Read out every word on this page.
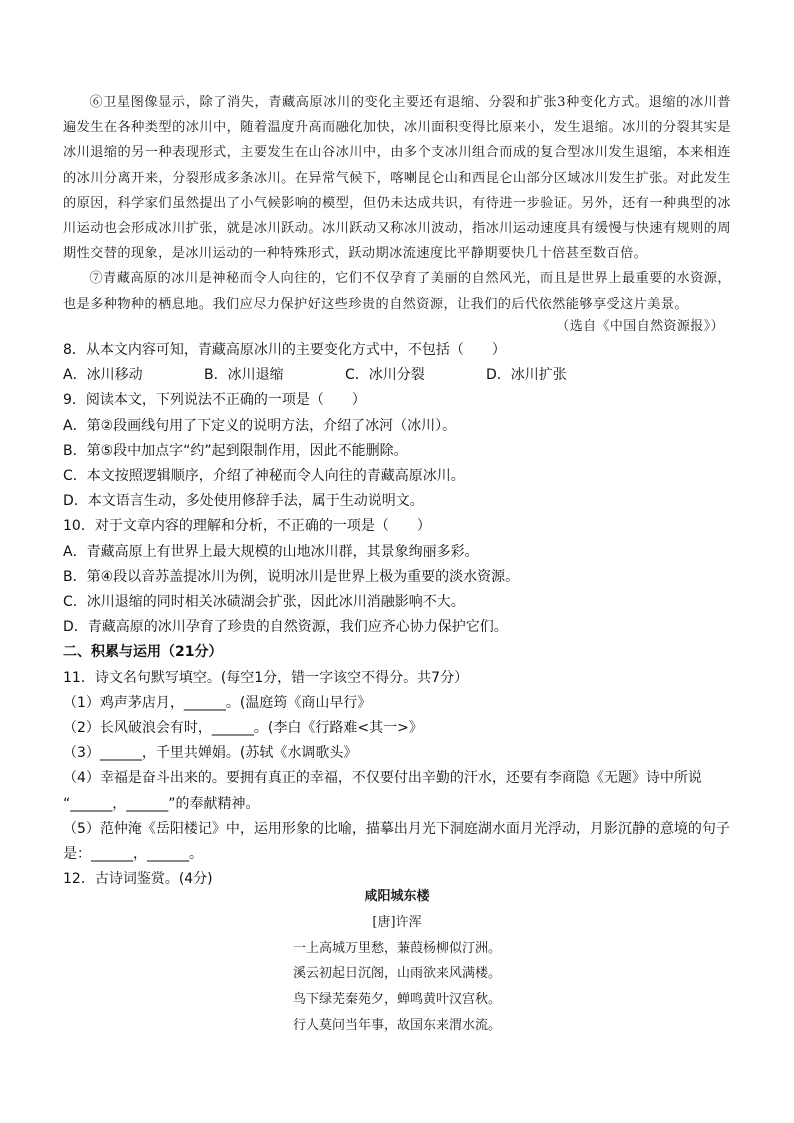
⑥卫星图像显示，除了消失，青藏高原冰川的变化主要还有退缩、分裂和扩张3种变化方式。退缩的冰川普遍发生在各种类型的冰川中，随着温度升高而融化加快，冰川面积变得比原来小，发生退缩。冰川的分裂其实是冰川退缩的另一种表现形式，主要发生在山谷冰川中，由多个支冰川组合而成的复合型冰川发生退缩，本来相连的冰川分离开来，分裂形成多条冰川。在异常气候下，喀喇昆仑山和西昆仑山部分区域冰川发生扩张。对此发生的原因，科学家们虽然提出了小气候影响的模型，但仍未达成共识，有待进一步验证。另外，还有一种典型的冰川运动也会形成冰川扩张，就是冰川跃动。冰川跃动又称冰川波动，指冰川运动速度具有缓慢与快速有规则的周期性交替的现象，是冰川运动的一种特殊形式，跃动期冰流速度比平静期要快几十倍甚至数百倍。

⑦青藏高原的冰川是神秘而令人向往的，它们不仅孕育了美丽的自然风光，而且是世界上最重要的水资源，也是多种物种的栖息地。我们应尽力保护好这些珍贵的自然资源，让我们的后代依然能够享受这片美景。

（选自《中国自然资源报》）
8．从本文内容可知，青藏高原冰川的主要变化方式中，不包括（　　）
A．冰川移动	B．冰川退缩	C．冰川分裂	D．冰川扩张
9．阅读本文，下列说法不正确的一项是（　　）
A．第②段画线句用了下定义的说明方法，介绍了冰河（冰川）。
B．第⑤段中加点字“约”起到限制作用，因此不能删除。
C．本文按照逻辑顺序，介绍了神秘而令人向往的青藏高原冰川。
D．本文语言生动，多处使用修辞手法，属于生动说明文。
10．对于文章内容的理解和分析，不正确的一项是（　　）
A．青藏高原上有世界上最大规模的山地冰川群，其景象绚丽多彩。
B．第④段以音苏盖提冰川为例，说明冰川是世界上极为重要的淡水资源。
C．冰川退缩的同时相关冰碛湖会扩张，因此冰川消融影响不大。
D．青藏高原的冰川孕育了珍贵的自然资源，我们应齐心协力保护它们。
二、积累与运用（21分）
11．诗文名句默写填空。(每空1分，错一字该空不得分。共7分）
（1）鸡声茅店月，______。(温庭筠《商山早行》
（2）长风破浪会有时，______。(李白《行路难<其一>》
（3）______，千里共婵娟。(苏轼《水调歌头》
（4）幸福是奋斗出来的。要拥有真正的幸福，不仅要付出辛勤的汗水，还要有李商隐《无题》诗中所说
“______，______”的奉献精神。
（5）范仲淹《岳阳楼记》中，运用形象的比喻，描摹出月光下洞庭湖水面月光浮动，月影沉静的意境的句子
是：______，______。
12．古诗词鉴赏。(4分)
咸阳城东楼
[唐]许浑
一上高城万里愁，蒹葭杨柳似汀洲。
溪云初起日沉阁，山雨欲来风满楼。
鸟下绿芜秦苑夕，蝉鸣黄叶汉宫秋。
行人莫问当年事，故国东来渭水流。
